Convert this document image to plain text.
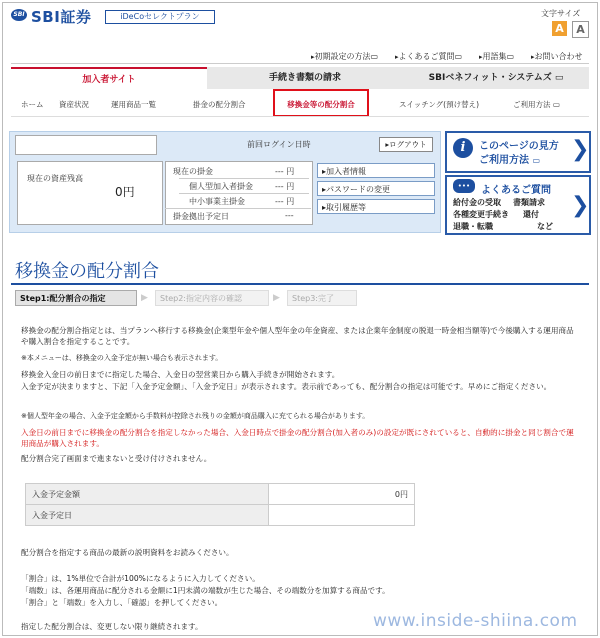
SBI SBI証券	iDeCoセレクトプラン	文字サイズ
A	A
▸初期設定の方法▭ ▸よくあるご質問▭ ▸用語集▭ ▸お問い合わせ
加入者サイト	手続き書類の請求	SBIベネフィット・システムズ ▭
ホーム 資産状況	運用商品一覧	掛金の配分割合	移換金等の配分割合	スイッチング(預け替え)	ご利用方法 ▭
前回ログイン日時	▸ログアウト
現在の資産残高
0円
現在の掛金	--- 円
個人型加入者掛金	--- 円
中小事業主掛金	--- 円
掛金拠出予定日	---
▸加入者情報
▸パスワードの変更
▸取引履歴等
i	このページの見方
ご利用方法 ▭ ❯
•••	よくあるご質問
給付金の受取 書類請求
各種変更手続き 還付
退職・転職	など
❯
移換金の配分割合
Step1:配分割合の指定	▶	Step2:指定内容の確認	▶	Step3:完了
移換金の配分割合指定とは、当プランへ移行する移換金(企業型年金や個人型年金の年金資産、または企業年金制度の脱退一時金相当額等)で今後購入する運用商品や購入割合を指定することです。
※本メニューは、移換金の入金予定が無い場合も表示されます。
移換金入金日の前日までに指定した場合、入金日の翌営業日から購入手続きが開始されます。
入金予定が決まりますと、下記「入金予定金額」、「入金予定日」が表示されます。表示前であっても、配分割合の指定は可能です。早めにご指定ください。
※個人型年金の場合、入金予定金額から手数料が控除され残りの金額が商品購入に充てられる場合があります。
入金日の前日までに移換金の配分割合を指定しなかった場合、入金日時点で掛金の配分割合(加入者のみ)の設定が既にされていると、自動的に掛金と同じ割合で運用商品が購入されます。
配分割合完了画面まで進まないと受け付けされません。
入金予定金額	0円
入金予定日	
配分割合を指定する商品の最新の説明資料をお読みください。
「割合」は、1%単位で合計が100%になるように入力してください。
「端数」は、各運用商品に配分される金額に1円未満の端数が生じた場合、その端数分を加算する商品です。
「割合」と「端数」を入力し、「確認」を押してください。
指定した配分割合は、変更しない限り継続されます。	www.inside-shiina.com
